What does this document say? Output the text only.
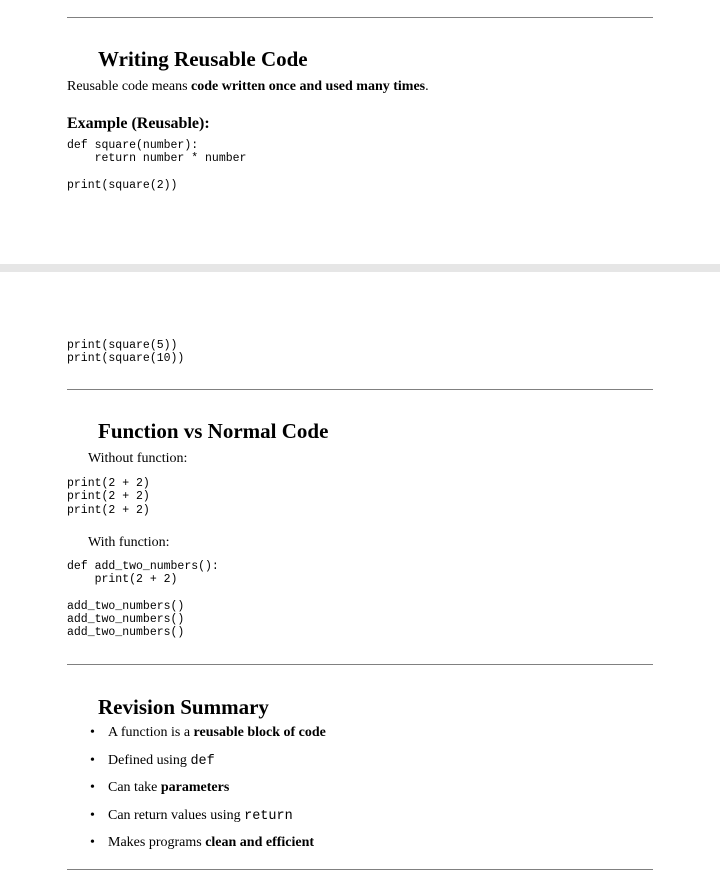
Writing Reusable Code

Reusable code means code written once and used many times.

Example (Reusable):
def square(number):
return number * number

print(square(2))
print(square(5))
print(square(10))
Function vs Normal Code

Without function:

print(2 + 2)
print(2 + 2)
print(2 + 2)

With function:

def add_two_numbers():
print(2 + 2)

add_two_numbers()
add_two_numbers()
add_two_numbers()
Revision Summary
• A function is a reusable block of code
• Defined using def
• Can take parameters
• Can return values using return
• Makes programs clean and efficient
